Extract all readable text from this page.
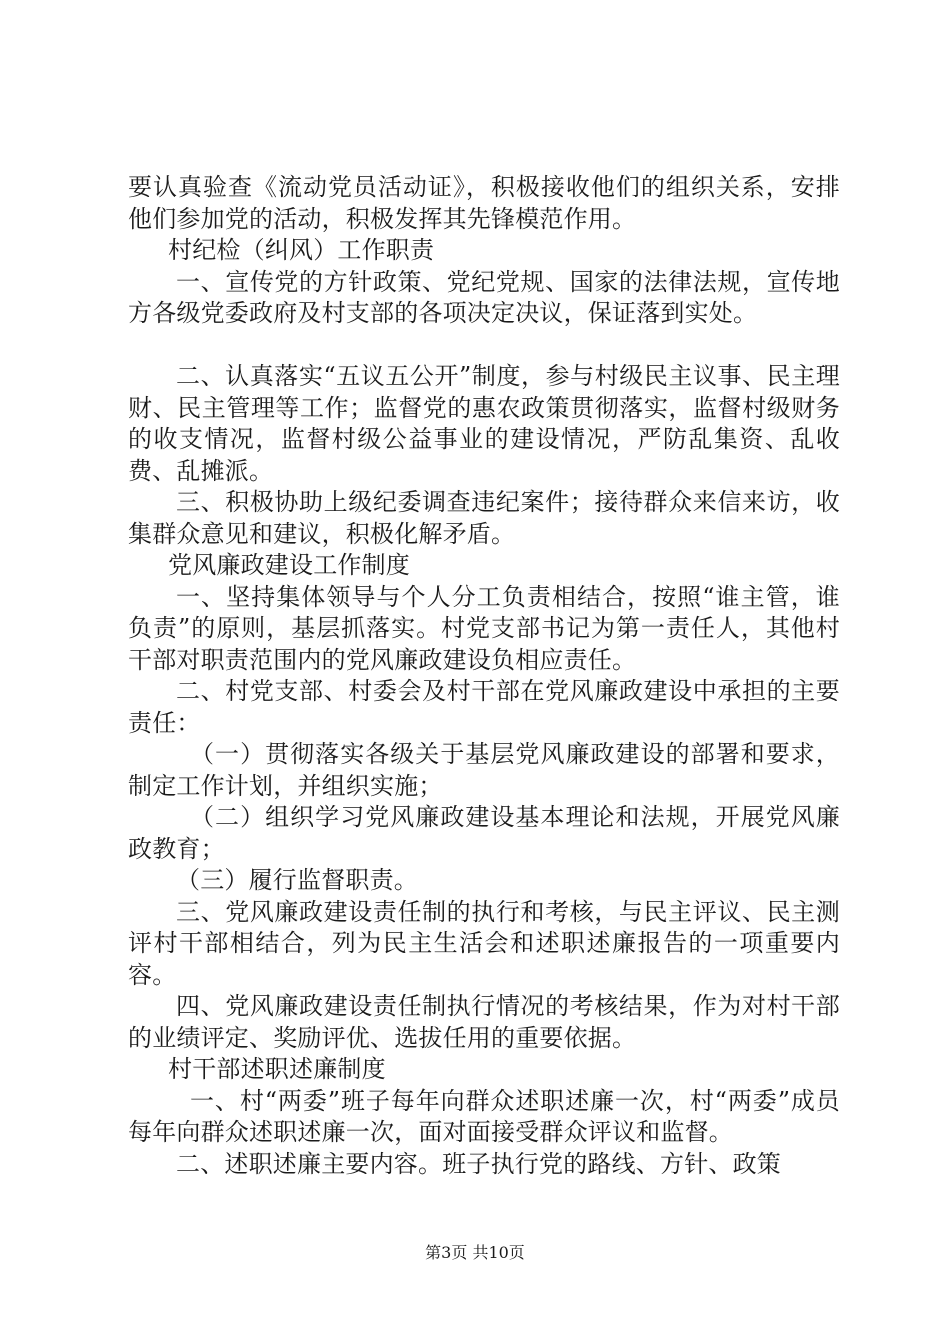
要认真验查《流动党员活动证》，积极接收他们的组织关系，安排他们参加党的活动，积极发挥其先锋模范作用。

村纪检（纠风）工作职责

一、宣传党的方针政策、党纪党规、国家的法律法规，宣传地方各级党委政府及村支部的各项决定决议，保证落到实处。

二、认真落实“五议五公开”制度，参与村级民主议事、民主理财、民主管理等工作；监督党的惠农政策贯彻落实，监督村级财务的收支情况，监督村级公益事业的建设情况，严防乱集资、乱收费、乱摊派。

三、积极协助上级纪委调查违纪案件；接待群众来信来访，收集群众意见和建议，积极化解矛盾。

党风廉政建设工作制度

一、坚持集体领导与个人分工负责相结合，按照“谁主管，谁负责”的原则，基层抓落实。村党支部书记为第一责任人，其他村干部对职责范围内的党风廉政建设负相应责任。

二、村党支部、村委会及村干部在党风廉政建设中承担的主要责任：

（一）贯彻落实各级关于基层党风廉政建设的部署和要求，制定工作计划，并组织实施；

（二）组织学习党风廉政建设基本理论和法规，开展党风廉政教育；

（三）履行监督职责。

三、党风廉政建设责任制的执行和考核，与民主评议、民主测评村干部相结合，列为民主生活会和述职述廉报告的一项重要内容。

四、党风廉政建设责任制执行情况的考核结果，作为对村干部的业绩评定、奖励评优、选拔任用的重要依据。

村干部述职述廉制度

一、村“两委”班子每年向群众述职述廉一次，村“两委”成员每年向群众述职述廉一次，面对面接受群众评议和监督。

二、述职述廉主要内容。班子执行党的路线、方针、政策

第3页 共10页
